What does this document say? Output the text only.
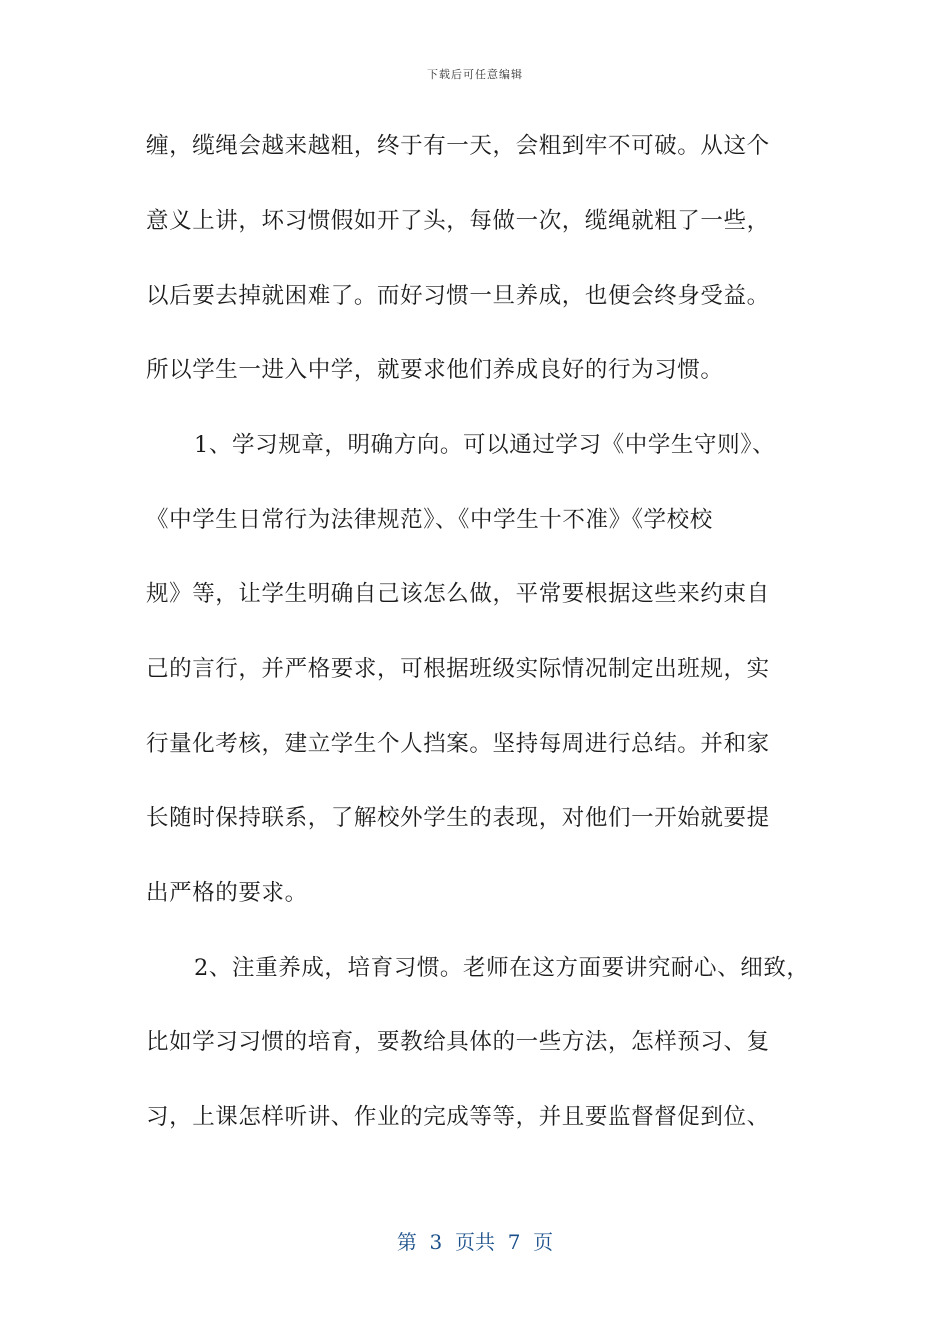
下载后可任意编辑
缠，缆绳会越来越粗，终于有一天，会粗到牢不可破。从这个
意义上讲，坏习惯假如开了头，每做一次，缆绳就粗了一些，
以后要去掉就困难了。而好习惯一旦养成，也便会终身受益。
所以学生一进入中学，就要求他们养成良好的行为习惯。
1、学习规章，明确方向。可以通过学习《中学生守则》、
《中学生日常行为法律规范》、《中学生十不准》《学校校
规》等，让学生明确自己该怎么做，平常要根据这些来约束自
己的言行，并严格要求，可根据班级实际情况制定出班规，实
行量化考核，建立学生个人挡案。坚持每周进行总结。并和家
长随时保持联系，了解校外学生的表现，对他们一开始就要提
出严格的要求。
2、注重养成，培育习惯。老师在这方面要讲究耐心、细致，
比如学习习惯的培育，要教给具体的一些方法，怎样预习、复
习，上课怎样听讲、作业的完成等等，并且要监督督促到位、
第  3  页共  7  页
